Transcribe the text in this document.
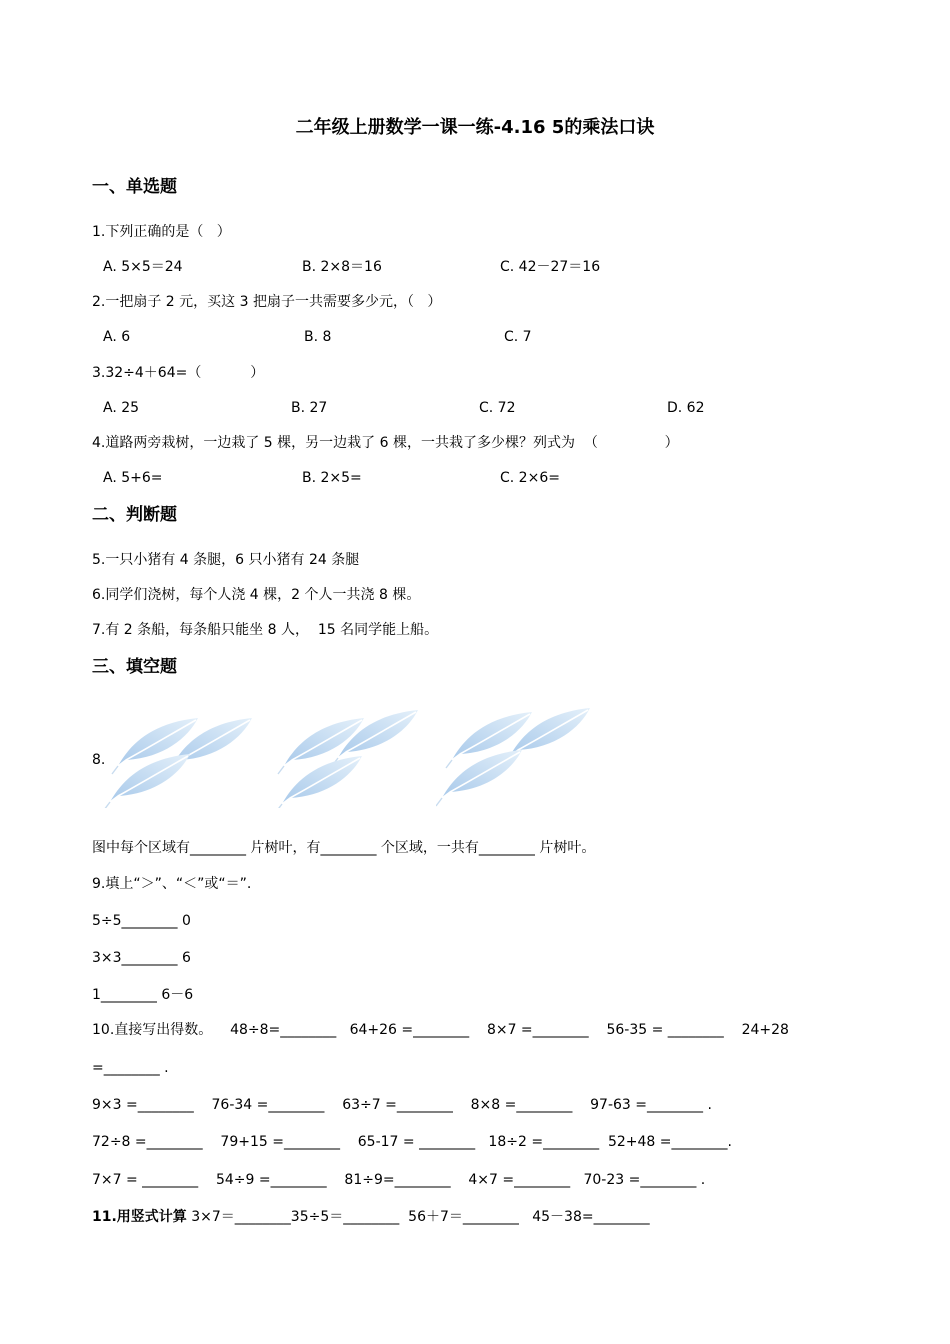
二年级上册数学一课一练-4.16 5的乘法口诀
一、单选题
1.下列正确的是（   ）
A. 5×5＝24	B. 2×8＝16	C. 42－27＝16
2.一把扇子 2 元，买这 3 把扇子一共需要多少元，（   ）
A. 6	B. 8	C. 7
3.32÷4＋64=（           ）
A. 25	B. 27	C. 72	D. 62
4.道路两旁栽树，一边栽了 5 棵，另一边栽了 6 棵，一共栽了多少棵？列式为  （               ）
A. 5+6=	B. 2×5=	C. 2×6=
二、判断题
5.一只小猪有 4 条腿，6 只小猪有 24 条腿
6.同学们浇树，每个人浇 4 棵，2 个人一共浇 8 棵。
7.有 2 条船，每条船只能坐 8 人，  15 名同学能上船。
三、填空题
8.
图中每个区域有________ 片树叶，有________ 个区域，一共有________ 片树叶。
9.填上“＞”、“＜”或“＝”.
5÷5________ 0
3×3________ 6
1________ 6－6
10.直接写出得数。    48÷8=________   64+26 =________    8×7 =________    56-35 = ________    24+28
=________ .
9×3 =________    76-34 =________    63÷7 =________    8×8 =________    97-63 =________ .
72÷8 =________    79+15 =________    65-17 = ________   18÷2 =________  52+48 =________.
7×7 = ________    54÷9 =________    81÷9=________    4×7 =________   70-23 =________ .
11.用竖式计算 3×7＝________35÷5＝________  56＋7＝________   45－38=________
